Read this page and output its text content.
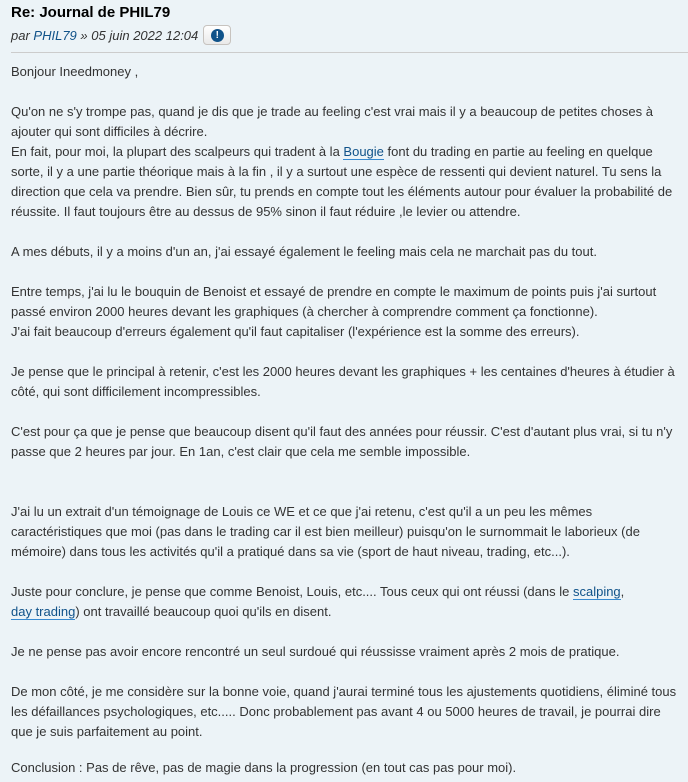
Re: Journal de PHIL79
par
PHIL79
»
05 juin 2022 12:04	!

Bonjour Ineedmoney ,

Qu'on ne s'y trompe pas, quand je dis que je trade au feeling c'est vrai mais il y a beaucoup de petites choses à ajouter qui sont difficiles à décrire.
En fait, pour moi, la plupart des scalpeurs qui tradent à la Bougie font du trading en partie au feeling en quelque sorte, il y a une partie théorique mais à la fin , il y a surtout une espèce de ressenti qui devient naturel. Tu sens la direction que cela va prendre. Bien sûr, tu prends en compte tout les éléments autour pour évaluer la probabilité de réussite. Il faut toujours être au dessus de 95% sinon il faut réduire ,le levier ou attendre.

A mes débuts, il y a moins d'un an, j'ai essayé également le feeling mais cela ne marchait pas du tout.

Entre temps, j'ai lu le bouquin de Benoist et essayé de prendre en compte le maximum de points puis j'ai surtout passé environ 2000 heures devant les graphiques (à chercher à comprendre comment ça fonctionne).
J'ai fait beaucoup d'erreurs également qu'il faut capitaliser (l'expérience est la somme des erreurs).

Je pense que le principal à retenir, c'est les 2000 heures devant les graphiques + les centaines d'heures à étudier à côté, qui sont difficilement incompressibles.

C'est pour ça que je pense que beaucoup disent qu'il faut des années pour réussir. C'est d'autant plus vrai, si tu n'y passe que 2 heures par jour. En 1an, c'est clair que cela me semble impossible.

J'ai lu un extrait d'un témoignage de Louis ce WE et ce que j'ai retenu, c'est qu'il a un peu les mêmes caractéristiques que moi (pas dans le trading car il est bien meilleur) puisqu'on le surnommait le laborieux (de mémoire) dans tous les activités qu'il a pratiqué dans sa vie (sport de haut niveau, trading, etc...).

Juste pour conclure, je pense que comme Benoist, Louis, etc.... Tous ceux qui ont réussi (dans le scalping,
day trading) ont travaillé beaucoup quoi qu'ils en disent.

Je ne pense pas avoir encore rencontré un seul surdoué qui réussisse vraiment après 2 mois de pratique.

De mon côté, je me considère sur la bonne voie, quand j'aurai terminé tous les ajustements quotidiens, éliminé tous les défaillances psychologiques, etc..... Donc probablement pas avant 4 ou 5000 heures de travail, je pourrai dire que je suis parfaitement au point.

Conclusion : Pas de rêve, pas de magie dans la progression (en tout cas pas pour moi).
